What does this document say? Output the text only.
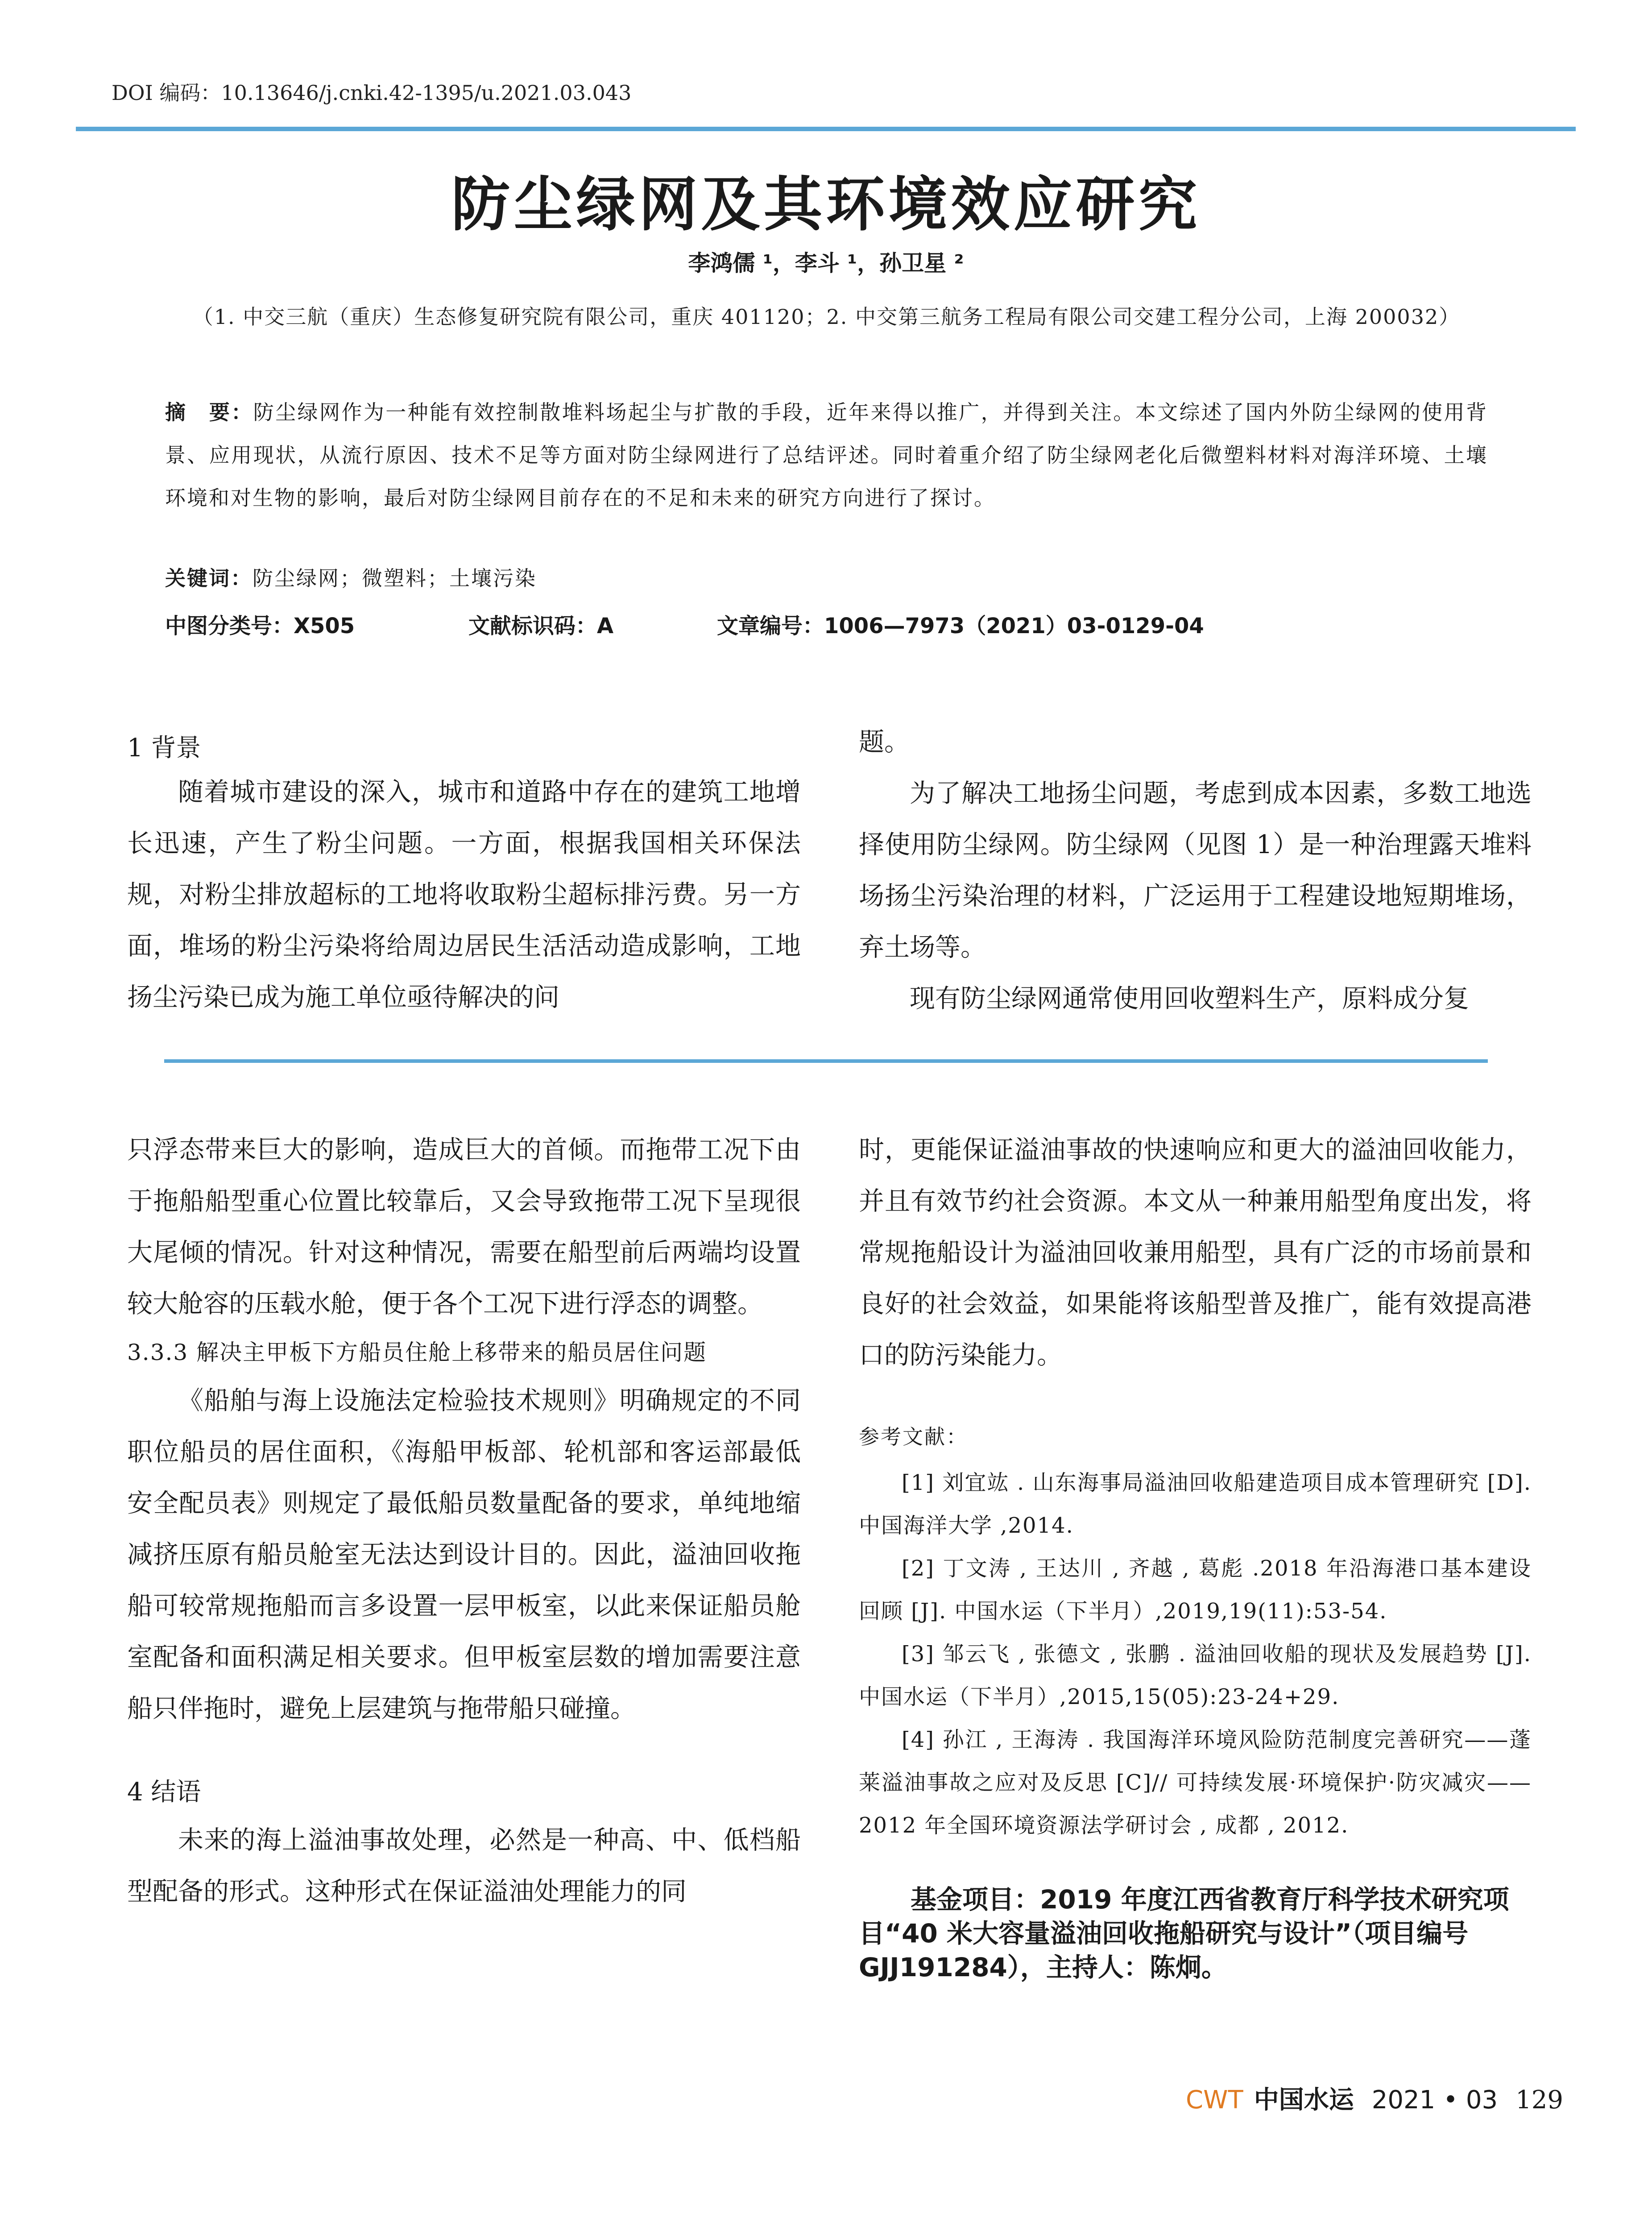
DOI 编码：10.13646/j.cnki.42-1395/u.2021.03.043
防尘绿网及其环境效应研究
李鸿儒 ¹，李斗 ¹，孙卫星 ²
（1. 中交三航（重庆）生态修复研究院有限公司，重庆 401120；2. 中交第三航务工程局有限公司交建工程分公司，上海 200032）
摘　要：防尘绿网作为一种能有效控制散堆料场起尘与扩散的手段，近年来得以推广，并得到关注。本文综述了国内外防尘绿网的使用背景、应用现状，从流行原因、技术不足等方面对防尘绿网进行了总结评述。同时着重介绍了防尘绿网老化后微塑料材料对海洋环境、土壤环境和对生物的影响，最后对防尘绿网目前存在的不足和未来的研究方向进行了探讨。
关键词：防尘绿网；微塑料；土壤污染
中图分类号：X505	文献标识码：A	文章编号：1006—7973（2021）03-0129-04
1 背景

随着城市建设的深入，城市和道路中存在的建筑工地增长迅速，产生了粉尘问题。一方面，根据我国相关环保法规，对粉尘排放超标的工地将收取粉尘超标排污费。另一方面，堆场的粉尘污染将给周边居民生活活动造成影响，工地扬尘污染已成为施工单位亟待解决的问

题。

为了解决工地扬尘问题，考虑到成本因素，多数工地选择使用防尘绿网。防尘绿网（见图 1）是一种治理露天堆料场扬尘污染治理的材料，广泛运用于工程建设地短期堆场，弃土场等。

现有防尘绿网通常使用回收塑料生产，原料成分复

只浮态带来巨大的影响，造成巨大的首倾。而拖带工况下由于拖船船型重心位置比较靠后，又会导致拖带工况下呈现很大尾倾的情况。针对这种情况，需要在船型前后两端均设置较大舱容的压载水舱，便于各个工况下进行浮态的调整。

3.3.3 解决主甲板下方船员住舱上移带来的船员居住问题

《船舶与海上设施法定检验技术规则》明确规定的不同职位船员的居住面积，《海船甲板部、轮机部和客运部最低安全配员表》则规定了最低船员数量配备的要求，单纯地缩减挤压原有船员舱室无法达到设计目的。因此，溢油回收拖船可较常规拖船而言多设置一层甲板室，以此来保证船员舱室配备和面积满足相关要求。但甲板室层数的增加需要注意船只伴拖时，避免上层建筑与拖带船只碰撞。

4 结语

未来的海上溢油事故处理，必然是一种高、中、低档船型配备的形式。这种形式在保证溢油处理能力的同

时，更能保证溢油事故的快速响应和更大的溢油回收能力，并且有效节约社会资源。本文从一种兼用船型角度出发，将常规拖船设计为溢油回收兼用船型，具有广泛的市场前景和良好的社会效益，如果能将该船型普及推广，能有效提高港口的防污染能力。

参考文献：

[1] 刘宜竑 . 山东海事局溢油回收船建造项目成本管理研究 [D]. 中国海洋大学 ,2014.

[2] 丁文涛 , 王达川 , 齐越 , 葛彪 .2018 年沿海港口基本建设回顾 [J]. 中国水运（下半月）,2019,19(11):53-54.

[3] 邹云飞 , 张德文 , 张鹏 . 溢油回收船的现状及发展趋势 [J]. 中国水运（下半月）,2015,15(05):23-24+29.

[4] 孙江 , 王海涛 . 我国海洋环境风险防范制度完善研究——蓬莱溢油事故之应对及反思 [C]// 可持续发展·环境保护·防灾减灾——2012 年全国环境资源法学研讨会 , 成都 , 2012.

基金项目：2019 年度江西省教育厅科学技术研究项目“40 米大容量溢油回收拖船研究与设计”（项目编号 GJJ191284），主持人：陈炯。
CWT 中国水运 2021 • 03 129
